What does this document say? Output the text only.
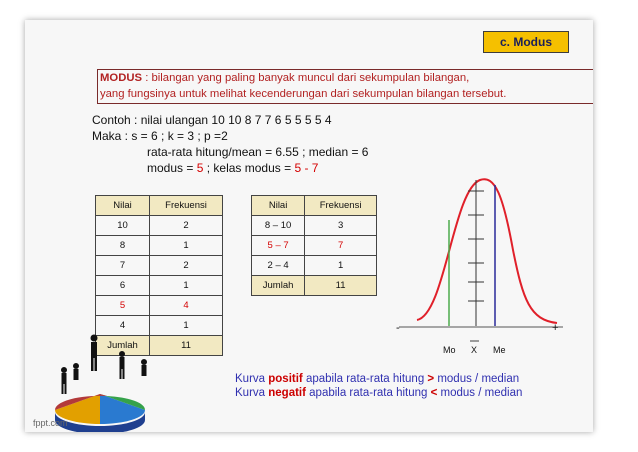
c. Modus
MODUS : bilangan yang paling banyak muncul dari sekumpulan bilangan,
yang fungsinya untuk melihat kecenderungan dari sekumpulan bilangan tersebut.
Contoh : nilai ulangan 10 10 8 7 7 6 5 5 5 5 4
Maka : s = 6 ; k = 3 ; p =2
rata-rata hitung/mean = 6.55 ; median = 6
modus = 5 ; kelas modus = 5 - 7
Nilai	Frekuensi
10	2
8	1
7	2
6	1
5	4
4	1
Jumlah	11
Nilai	Frekuensi
8 – 10	3
5 – 7	7
2 – 4	1
Jumlah	11
-	+
Mo X Me
Kurva positif apabila rata-rata hitung > modus / median
Kurva negatif apabila rata-rata hitung < modus / median
fppt.com
